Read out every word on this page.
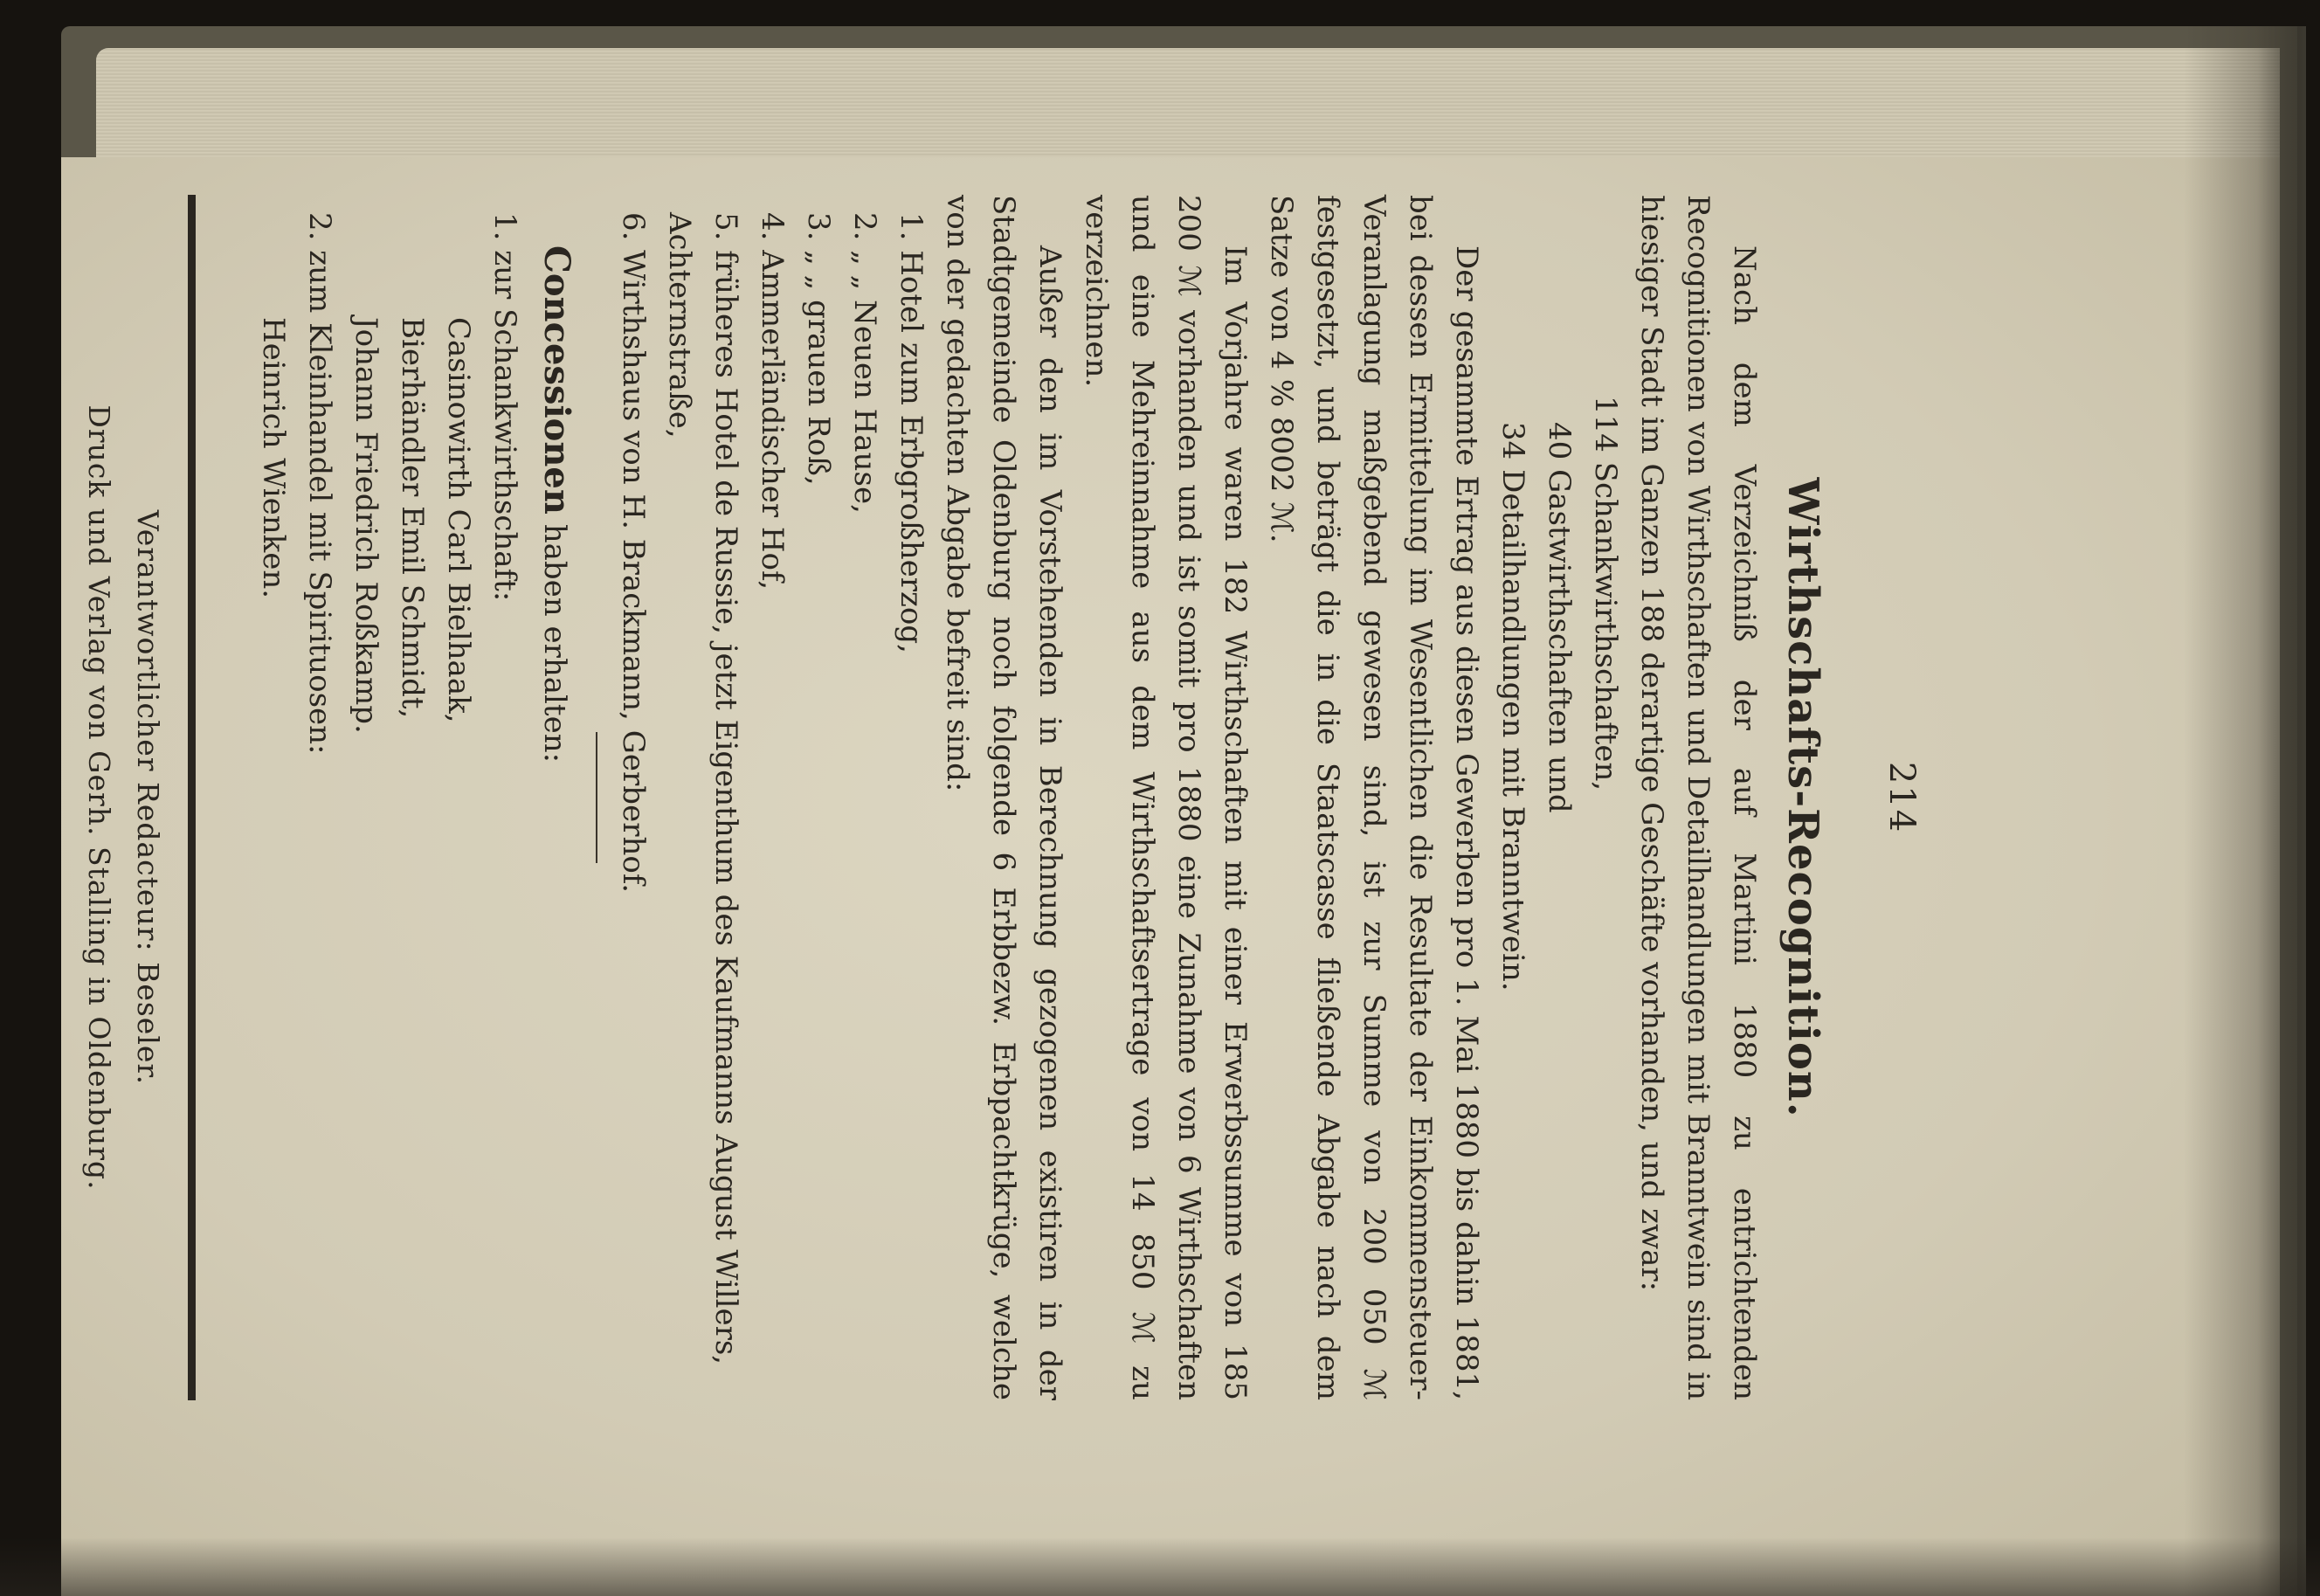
214
Wirthschafts-Recognition.

Nach dem Verzeichniß der auf Martini 1880 zu entrichtenden Recognitionen von Wirthschaften und Detailhandlungen mit Branntwein sind in hiesiger Stadt im Ganzen 188 derartige Geschäfte vorhanden, und zwar:

114 Schankwirthschaften,
40 Gastwirthschaften und
34 Detailhandlungen mit Branntwein.

Der gesammte Ertrag aus diesen Gewerben pro 1. Mai 1880 bis dahin 1881, bei dessen Ermittelung im Wesentlichen die Resultate der Einkommensteuer-Veranlagung maßgebend gewesen sind, ist zur Summe von 200 050 ℳ festgesetzt, und beträgt die in die Staatscasse fließende Abgabe nach dem Satze von 4 % 8002 ℳ.

Im Vorjahre waren 182 Wirthschaften mit einer Erwerbssumme von 185 200 ℳ vorhanden und ist somit pro 1880 eine Zunahme von 6 Wirthschaften und eine Mehreinnahme aus dem Wirthschaftsertrage von 14 850 ℳ zu verzeichnen.

Außer den im Vorstehenden in Berechnung gezogenen existiren in der Stadtgemeinde Oldenburg noch folgende 6 Erbbezw. Erbpachtkrüge, welche von der gedachten Abgabe befreit sind:

1. Hotel zum Erbgroßherzog,
2. „ „ Neuen Hause,
3. „ „ grauen Roß,
4. Ammerländischer Hof,
5. früheres Hotel de Russie, jetzt Eigenthum des Kaufmanns August Willers, Achternstraße,
6. Wirthshaus von H. Brackmann, Gerberhof.
Concessionen haben erhalten:
1. zur Schankwirthschaft:
Casinowirth Carl Bielhaak,
Bierhändler Emil Schmidt,
Johann Friedrich Roßkamp.
2. zum Kleinhandel mit Spirituosen:
Heinrich Wienken.
Verantwortlicher Redacteur: Beseler.
Druck und Verlag von Gerh. Stalling in Oldenburg.
